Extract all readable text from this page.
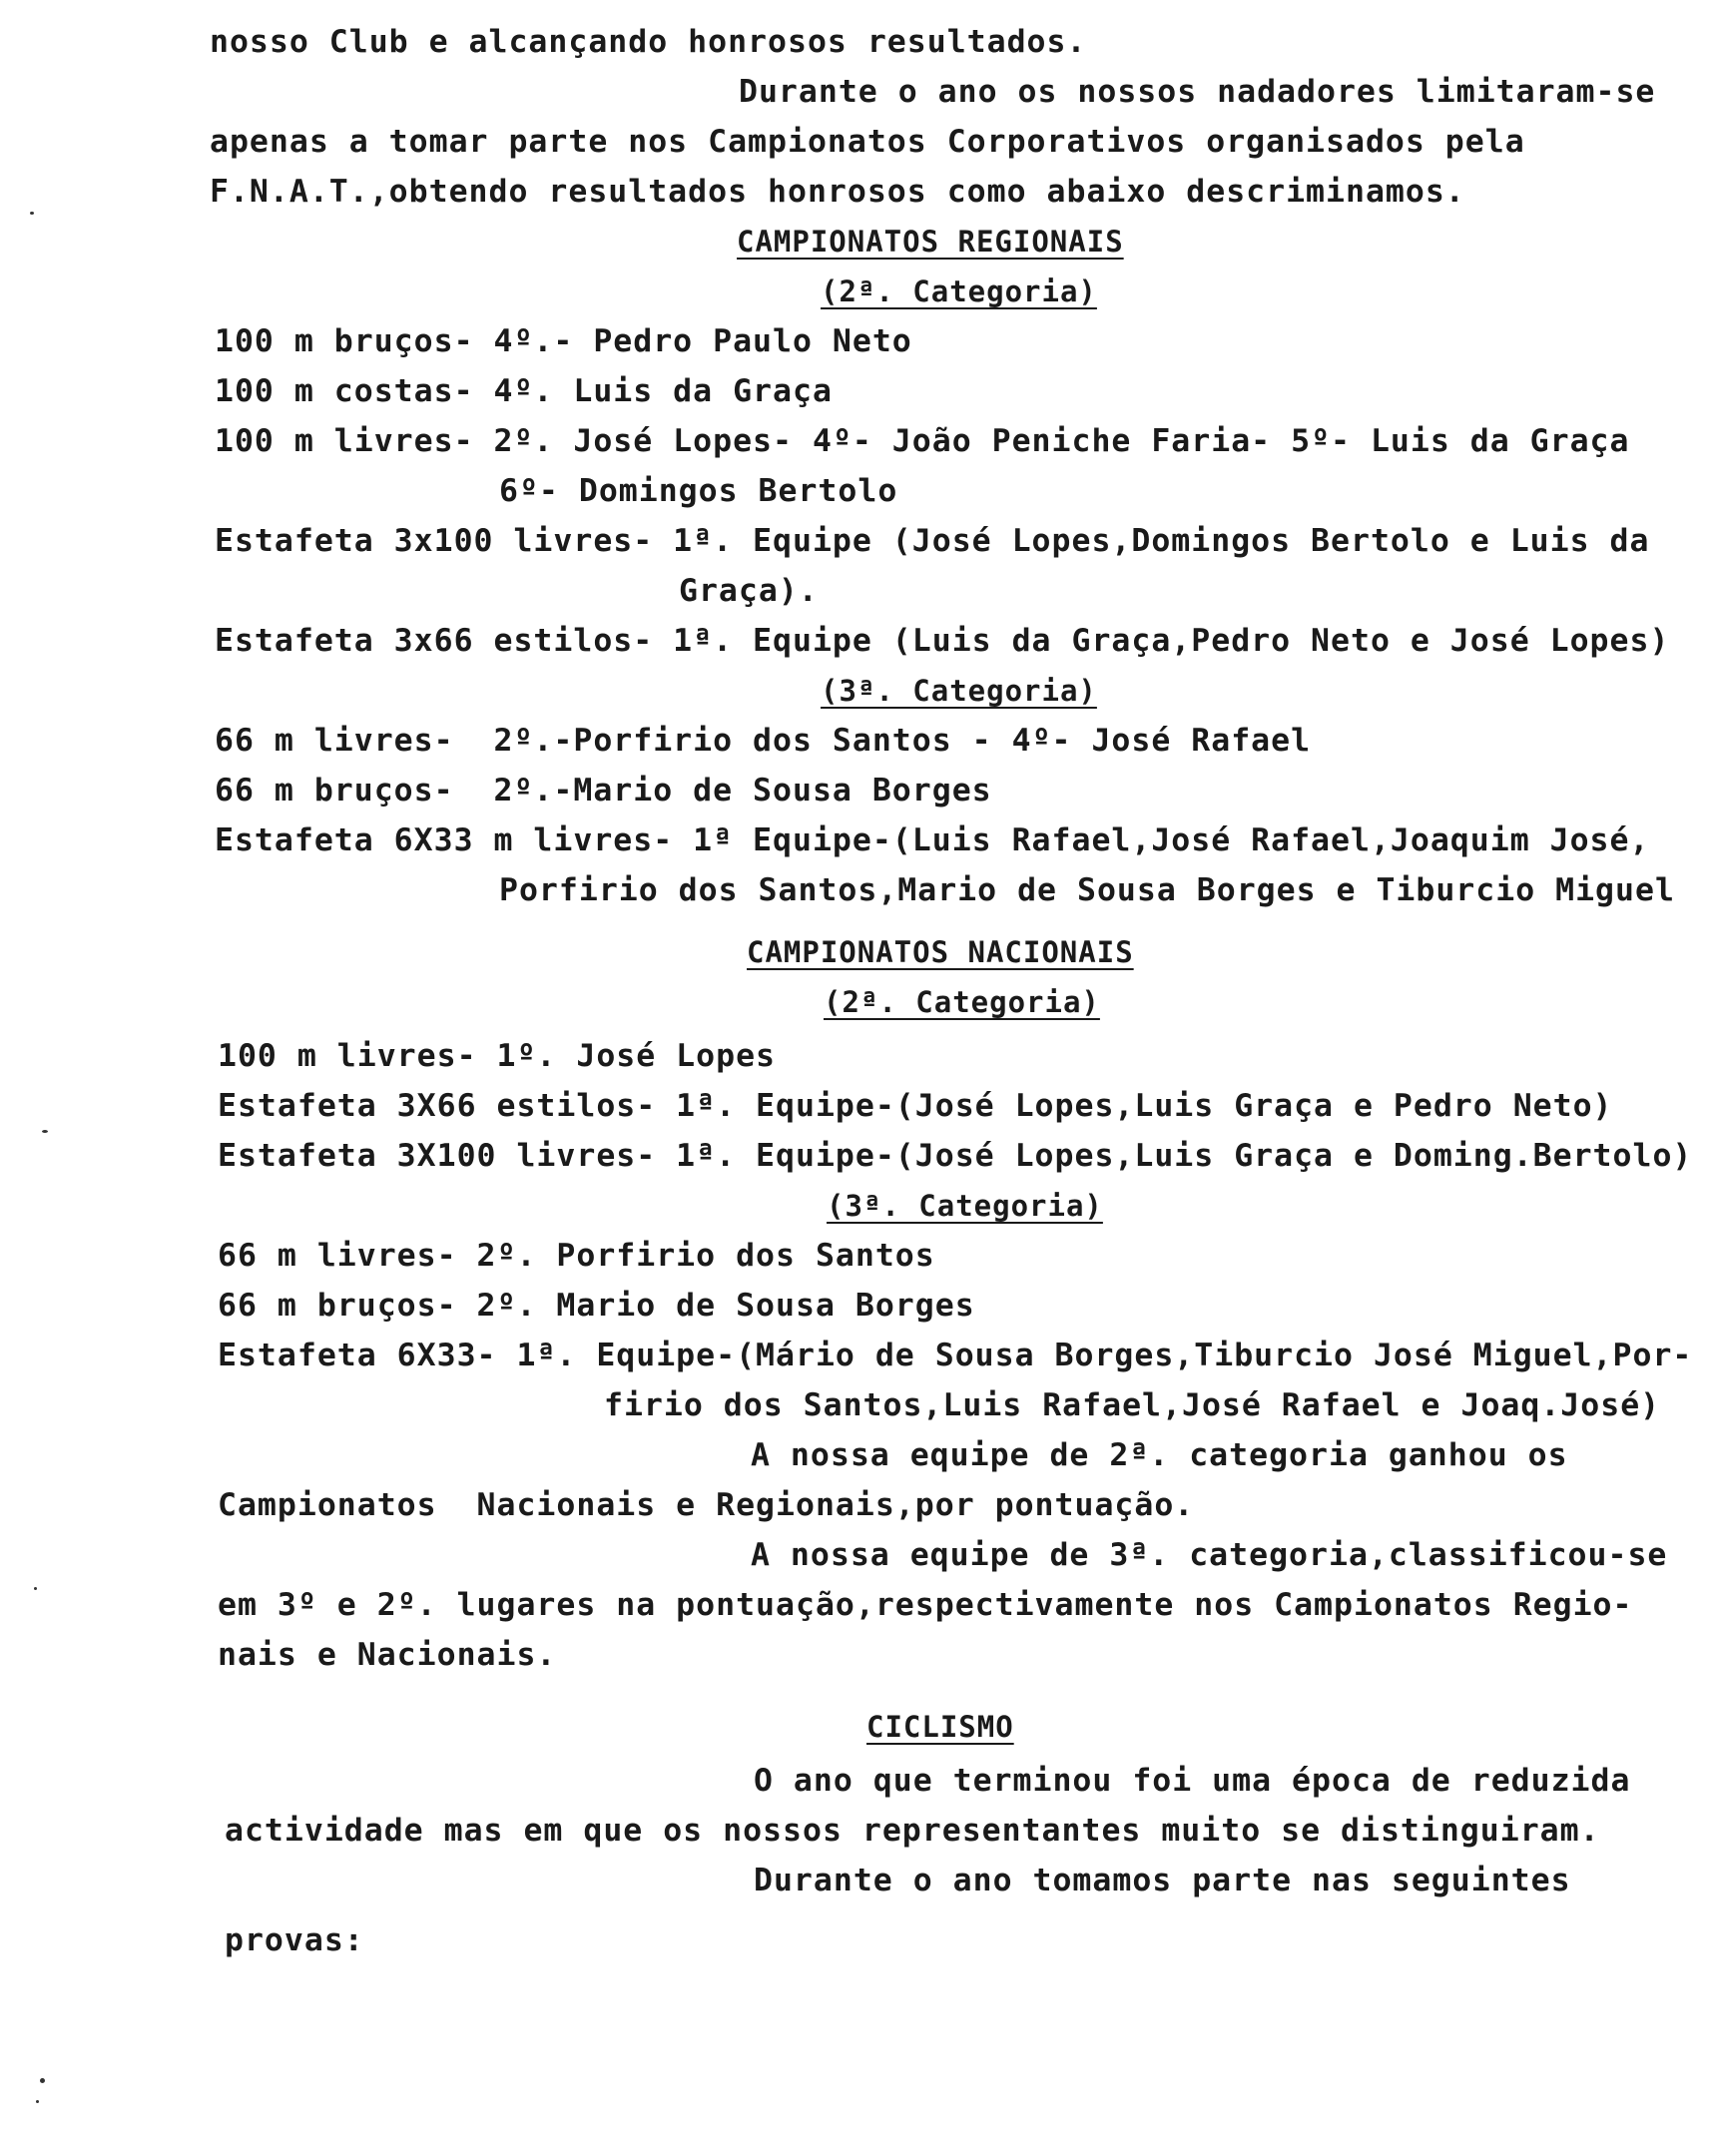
nosso Club e alcançando honrosos resultados.
Durante o ano os nossos nadadores limitaram-se
apenas a tomar parte nos Campionatos Corporativos organisados pela
F.N.A.T.,obtendo resultados honrosos como abaixo descriminamos.
CAMPIONATOS REGIONAIS
(2ª. Categoria)
100 m bruços- 4º.- Pedro Paulo Neto
100 m costas- 4º. Luis da Graça
100 m livres- 2º. José Lopes- 4º- João Peniche Faria- 5º- Luis da Graça
6º- Domingos Bertolo
Estafeta 3x100 livres- 1ª. Equipe (José Lopes,Domingos Bertolo e Luis da
Graça).
Estafeta 3x66 estilos- 1ª. Equipe (Luis da Graça,Pedro Neto e José Lopes)
(3ª. Categoria)
66 m livres-  2º.-Porfirio dos Santos - 4º- José Rafael
66 m bruços-  2º.-Mario de Sousa Borges
Estafeta 6X33 m livres- 1ª Equipe-(Luis Rafael,José Rafael,Joaquim José,
Porfirio dos Santos,Mario de Sousa Borges e Tiburcio Miguel
CAMPIONATOS NACIONAIS
(2ª. Categoria)
100 m livres- 1º. José Lopes
Estafeta 3X66 estilos- 1ª. Equipe-(José Lopes,Luis Graça e Pedro Neto)
Estafeta 3X100 livres- 1ª. Equipe-(José Lopes,Luis Graça e Doming.Bertolo)
(3ª. Categoria)
66 m livres- 2º. Porfirio dos Santos
66 m bruços- 2º. Mario de Sousa Borges
Estafeta 6X33- 1ª. Equipe-(Mário de Sousa Borges,Tiburcio José Miguel,Por-
firio dos Santos,Luis Rafael,José Rafael e Joaq.José)
A nossa equipe de 2ª. categoria ganhou os
Campionatos  Nacionais e Regionais,por pontuação.
A nossa equipe de 3ª. categoria,classificou-se
em 3º e 2º. lugares na pontuação,respectivamente nos Campionatos Regio-
nais e Nacionais.
CICLISMO
O ano que terminou foi uma época de reduzida
actividade mas em que os nossos representantes muito se distinguiram.
Durante o ano tomamos parte nas seguintes
provas:
